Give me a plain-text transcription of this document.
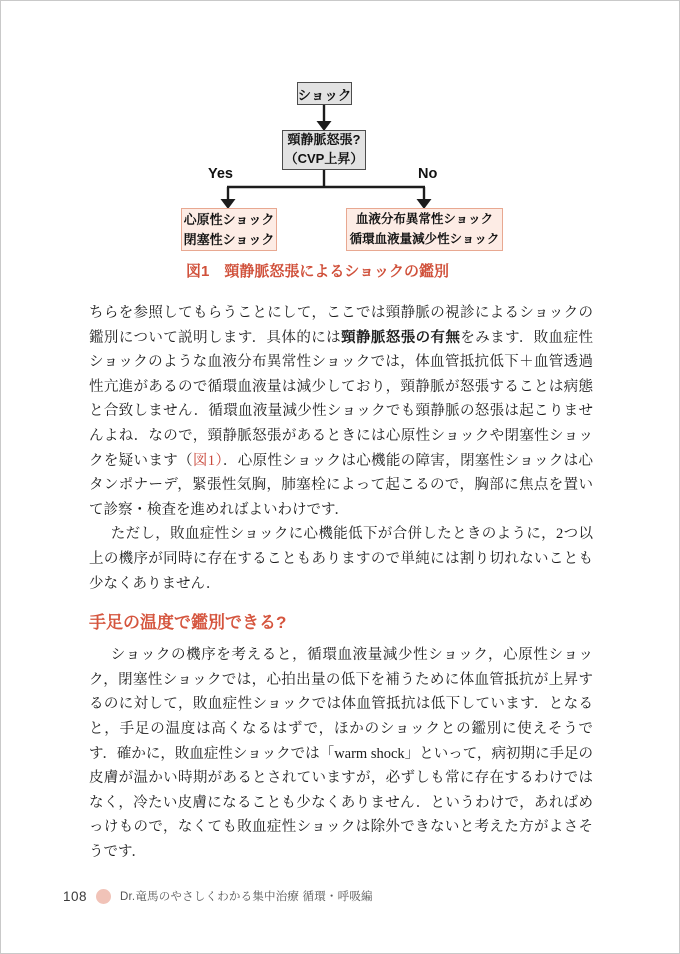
ショック
頸静脈怒張?
（CVP上昇）
Yes	No
心原性ショック
閉塞性ショック
血液分布異常性ショック
循環血液量減少性ショック
図1 頸静脈怒張によるショックの鑑別

ちらを参照してもらうことにして，ここでは頸静脈の視診によるショックの鑑別について説明します．具体的には頸静脈怒張の有無をみます．敗血症性ショックのような血液分布異常性ショックでは，体血管抵抗低下＋血管透過性亢進があるので循環血液量は減少しており，頸静脈が怒張することは病態と合致しません．循環血液量減少性ショックでも頸静脈の怒張は起こりませんよね．なので，頸静脈怒張があるときには心原性ショックや閉塞性ショックを疑います（図1）．心原性ショックは心機能の障害，閉塞性ショックは心タンポナーデ，緊張性気胸，肺塞栓によって起こるので，胸部に焦点を置いて診察・検査を進めればよいわけです．

ただし，敗血症性ショックに心機能低下が合併したときのように，2つ以上の機序が同時に存在することもありますので単純には割り切れないことも少なくありません．

手足の温度で鑑別できる?

ショックの機序を考えると，循環血液量減少性ショック，心原性ショック，閉塞性ショックでは，心拍出量の低下を補うために体血管抵抗が上昇するのに対して，敗血症性ショックでは体血管抵抗は低下しています．となると，手足の温度は高くなるはずで，ほかのショックとの鑑別に使えそうです．確かに，敗血症性ショックでは「warm shock」といって，病初期に手足の皮膚が温かい時期があるとされていますが，必ずしも常に存在するわけではなく，冷たい皮膚になることも少なくありません．というわけで，あればめっけもので，なくても敗血症性ショックは除外できないと考えた方がよさそうです．

108	Dr.竜馬のやさしくわかる集中治療 循環・呼吸編
